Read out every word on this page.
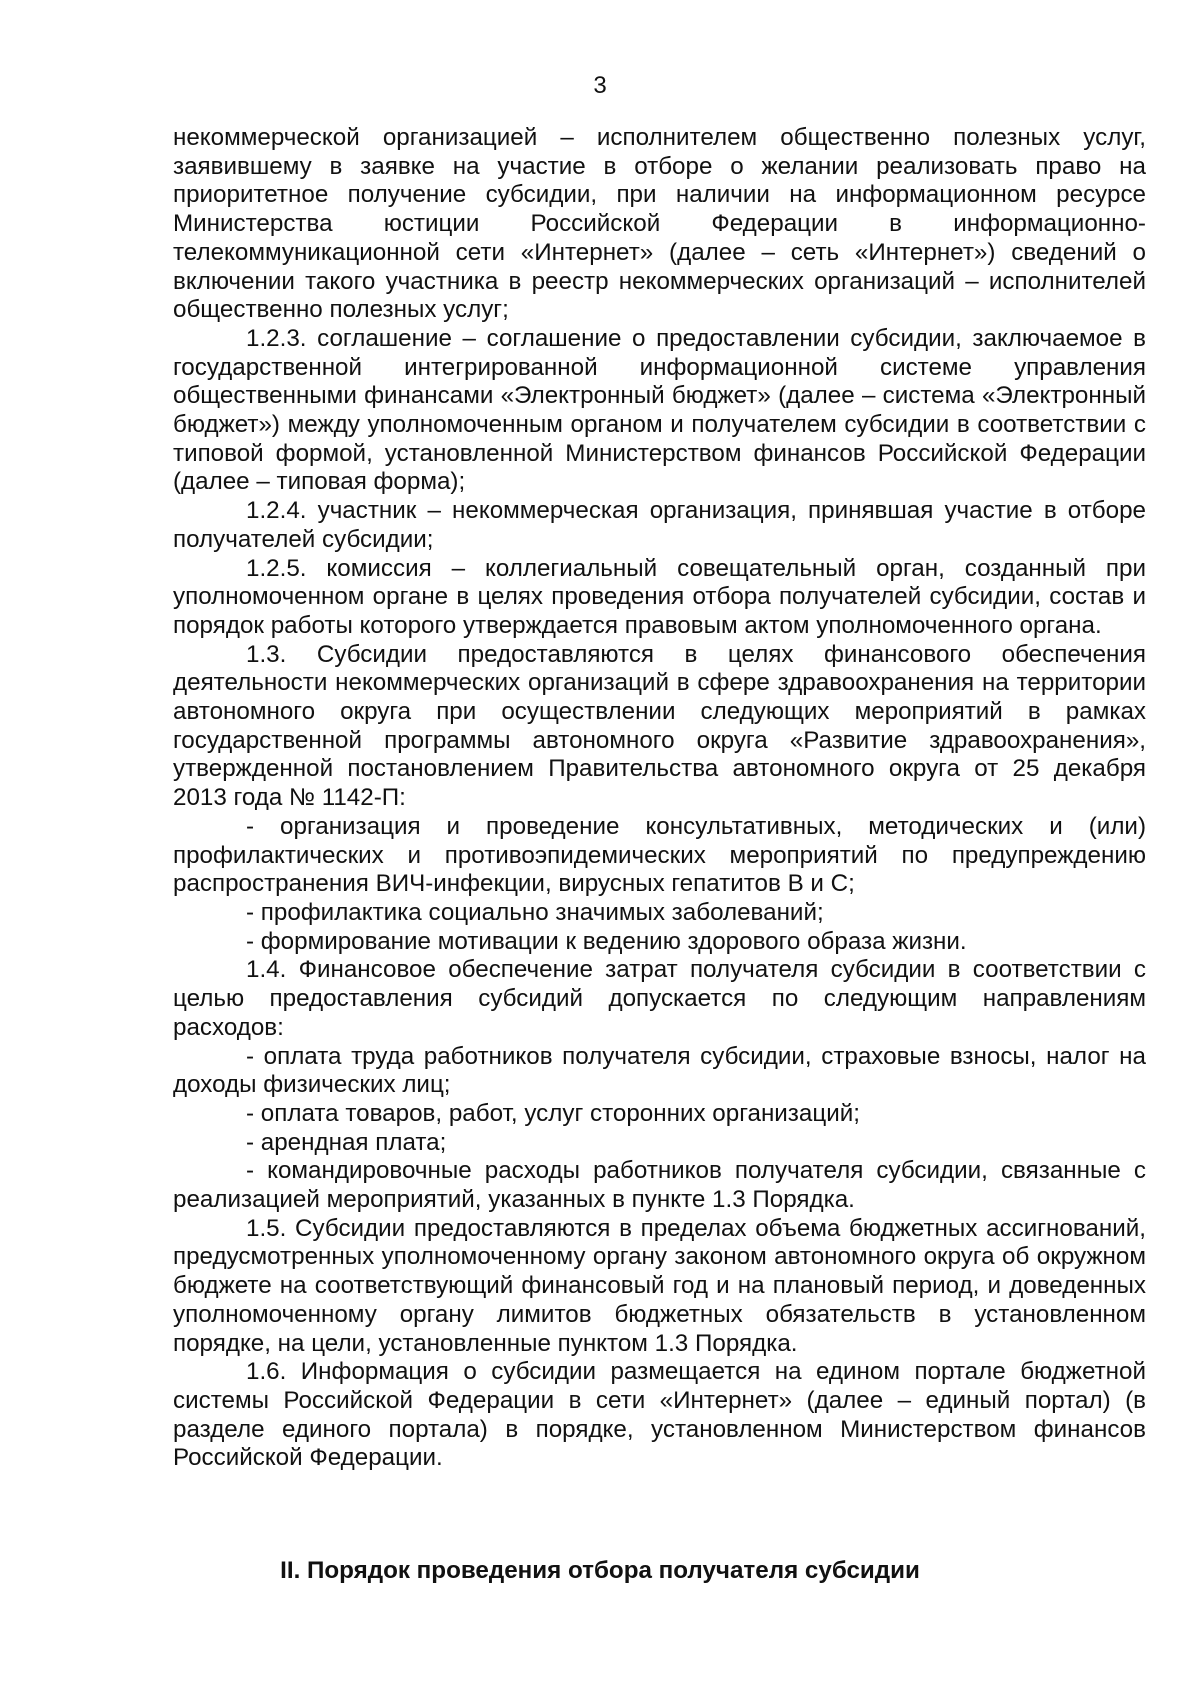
3

некоммерческой организацией – исполнителем общественно полезных услуг, заявившему в заявке на участие в отборе о желании реализовать право на приоритетное получение субсидии, при наличии на информационном ресурсе Министерства юстиции Российской Федерации в информационно-телекоммуникационной сети «Интернет» (далее – сеть «Интернет») сведений о включении такого участника в реестр некоммерческих организаций – исполнителей общественно полезных услуг;

1.2.3. соглашение – соглашение о предоставлении субсидии, заключаемое в государственной интегрированной информационной системе управления общественными финансами «Электронный бюджет» (далее – система «Электронный бюджет») между уполномоченным органом и получателем субсидии в соответствии с типовой формой, установленной Министерством финансов Российской Федерации (далее – типовая форма);

1.2.4. участник – некоммерческая организация, принявшая участие в отборе получателей субсидии;

1.2.5. комиссия – коллегиальный совещательный орган, созданный при уполномоченном органе в целях проведения отбора получателей субсидии, состав и порядок работы которого утверждается правовым актом уполномоченного органа.

1.3. Субсидии предоставляются в целях финансового обеспечения деятельности некоммерческих организаций в сфере здравоохранения на территории автономного округа при осуществлении следующих мероприятий в рамках государственной программы автономного округа «Развитие здравоохранения», утвержденной постановлением Правительства автономного округа от 25 декабря 2013 года № 1142-П:

- организация и проведение консультативных, методических и (или) профилактических и противоэпидемических мероприятий по предупреждению распространения ВИЧ-инфекции, вирусных гепатитов В и С;

- профилактика социально значимых заболеваний;

- формирование мотивации к ведению здорового образа жизни.

1.4. Финансовое обеспечение затрат получателя субсидии в соответствии с целью предоставления субсидий допускается по следующим направлениям расходов:

- оплата труда работников получателя субсидии, страховые взносы, налог на доходы физических лиц;

- оплата товаров, работ, услуг сторонних организаций;

- арендная плата;

- командировочные расходы работников получателя субсидии, связанные с реализацией мероприятий, указанных в пункте 1.3 Порядка.

1.5. Субсидии предоставляются в пределах объема бюджетных ассигнований, предусмотренных уполномоченному органу законом автономного округа об окружном бюджете на соответствующий финансовый год и на плановый период, и доведенных уполномоченному органу лимитов бюджетных обязательств в установленном порядке, на цели, установленные пунктом 1.3 Порядка.

1.6. Информация о субсидии размещается на едином портале бюджетной системы Российской Федерации в сети «Интернет» (далее – единый портал) (в разделе единого портала) в порядке, установленном Министерством финансов Российской Федерации.

II. Порядок проведения отбора получателя субсидии
